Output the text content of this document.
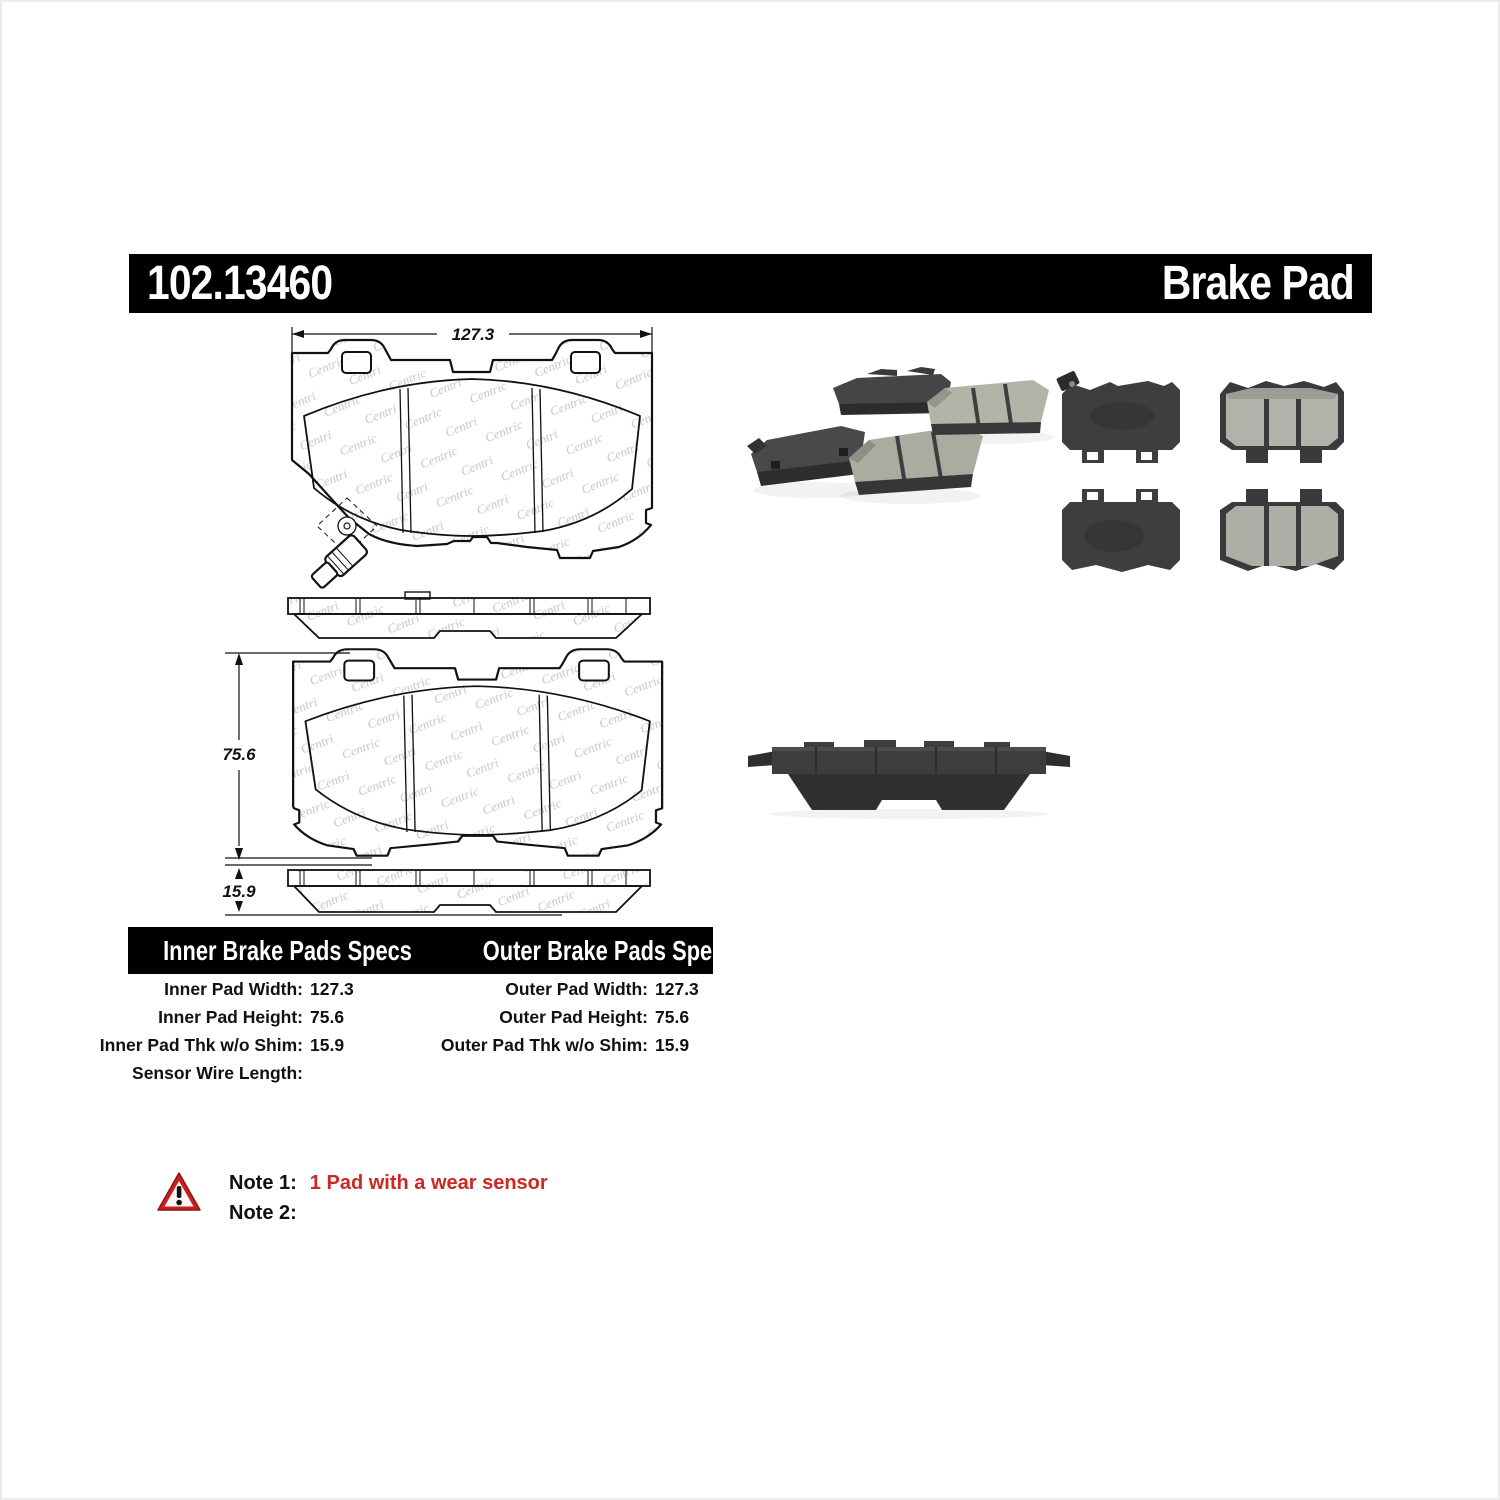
102.13460	Brake Pad
127.3
75.6
15.9
Inner Brake Pads Specs	Outer Brake Pads Specs
Inner Pad Width: 127.3
Inner Pad Height: 75.6
Inner Pad Thk w/o Shim: 15.9
Sensor Wire Length:
Outer Pad Width: 127.3
Outer Pad Height: 75.6
Outer Pad Thk w/o Shim: 15.9
Note 1: 1 Pad with a wear sensor
Note 2:
